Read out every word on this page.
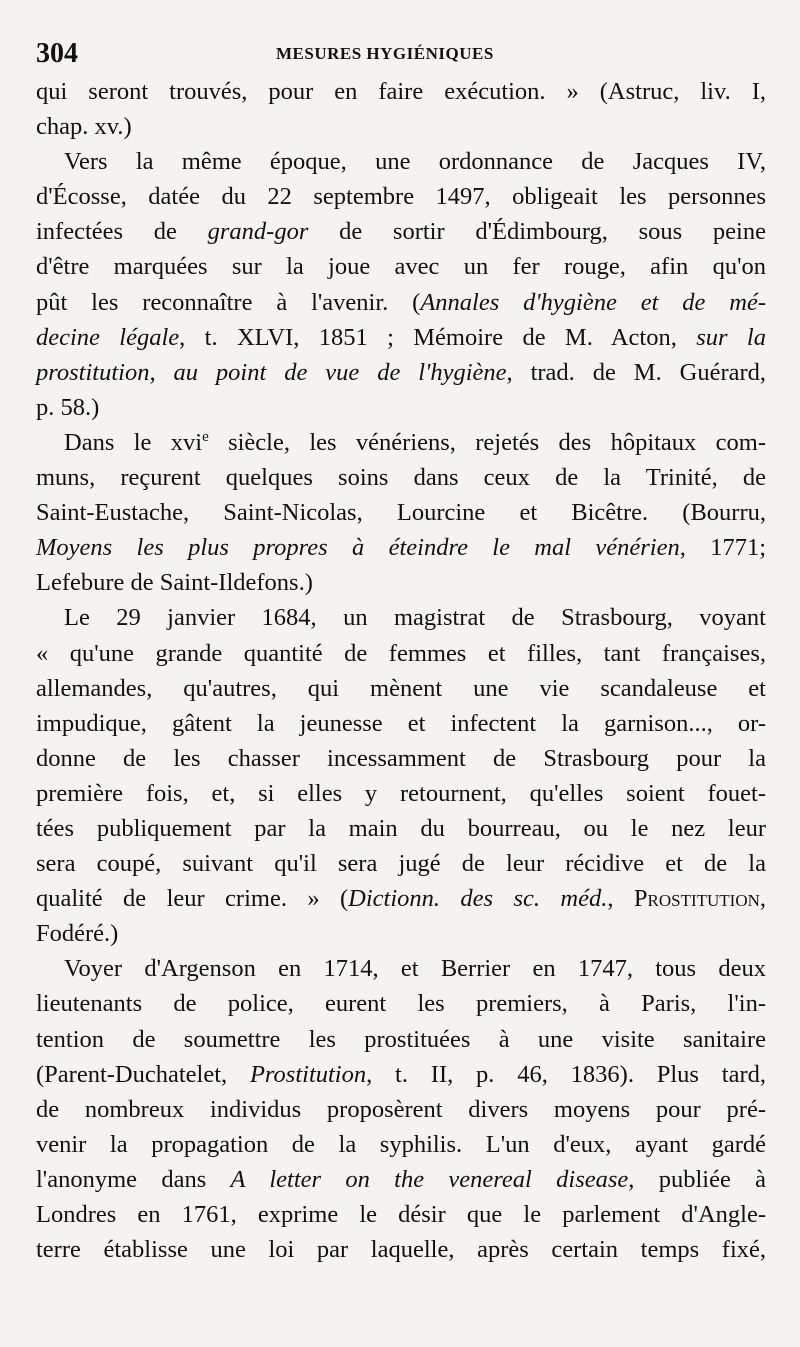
304	MESURES HYGIÉNIQUES
qui seront trouvés, pour en faire exécution. » (Astruc, liv. I,
chap. xv.)
Vers la même époque, une ordonnance de Jacques IV,
d'Écosse, datée du 22 septembre 1497, obligeait les personnes
infectées de grand-gor de sortir d'Édimbourg, sous peine
d'être marquées sur la joue avec un fer rouge, afin qu'on
pût les reconnaître à l'avenir. (Annales d'hygiène et de mé-
decine légale, t. XLVI, 1851 ; Mémoire de M. Acton, sur la
prostitution, au point de vue de l'hygiène, trad. de M. Guérard,
p. 58.)
Dans le xvi$^e$ siècle, les vénériens, rejetés des hôpitaux com-
muns, reçurent quelques soins dans ceux de la Trinité, de
Saint-Eustache, Saint-Nicolas, Lourcine et Bicêtre. (Bourru,
Moyens les plus propres à éteindre le mal vénérien, 1771;
Lefebure de Saint-Ildefons.)
Le 29 janvier 1684, un magistrat de Strasbourg, voyant
« qu'une grande quantité de femmes et filles, tant françaises,
allemandes, qu'autres, qui mènent une vie scandaleuse et
impudique, gâtent la jeunesse et infectent la garnison..., or-
donne de les chasser incessamment de Strasbourg pour la
première fois, et, si elles y retournent, qu'elles soient fouet-
tées publiquement par la main du bourreau, ou le nez leur
sera coupé, suivant qu'il sera jugé de leur récidive et de la
qualité de leur crime. » (Dictionn. des sc. méd., Prostitution,
Fodéré.)
Voyer d'Argenson en 1714, et Berrier en 1747, tous deux
lieutenants de police, eurent les premiers, à Paris, l'in-
tention de soumettre les prostituées à une visite sanitaire
(Parent-Duchatelet, Prostitution, t. II, p. 46, 1836). Plus tard,
de nombreux individus proposèrent divers moyens pour pré-
venir la propagation de la syphilis. L'un d'eux, ayant gardé
l'anonyme dans A letter on the venereal disease, publiée à
Londres en 1761, exprime le désir que le parlement d'Angle-
terre établisse une loi par laquelle, après certain temps fixé,
